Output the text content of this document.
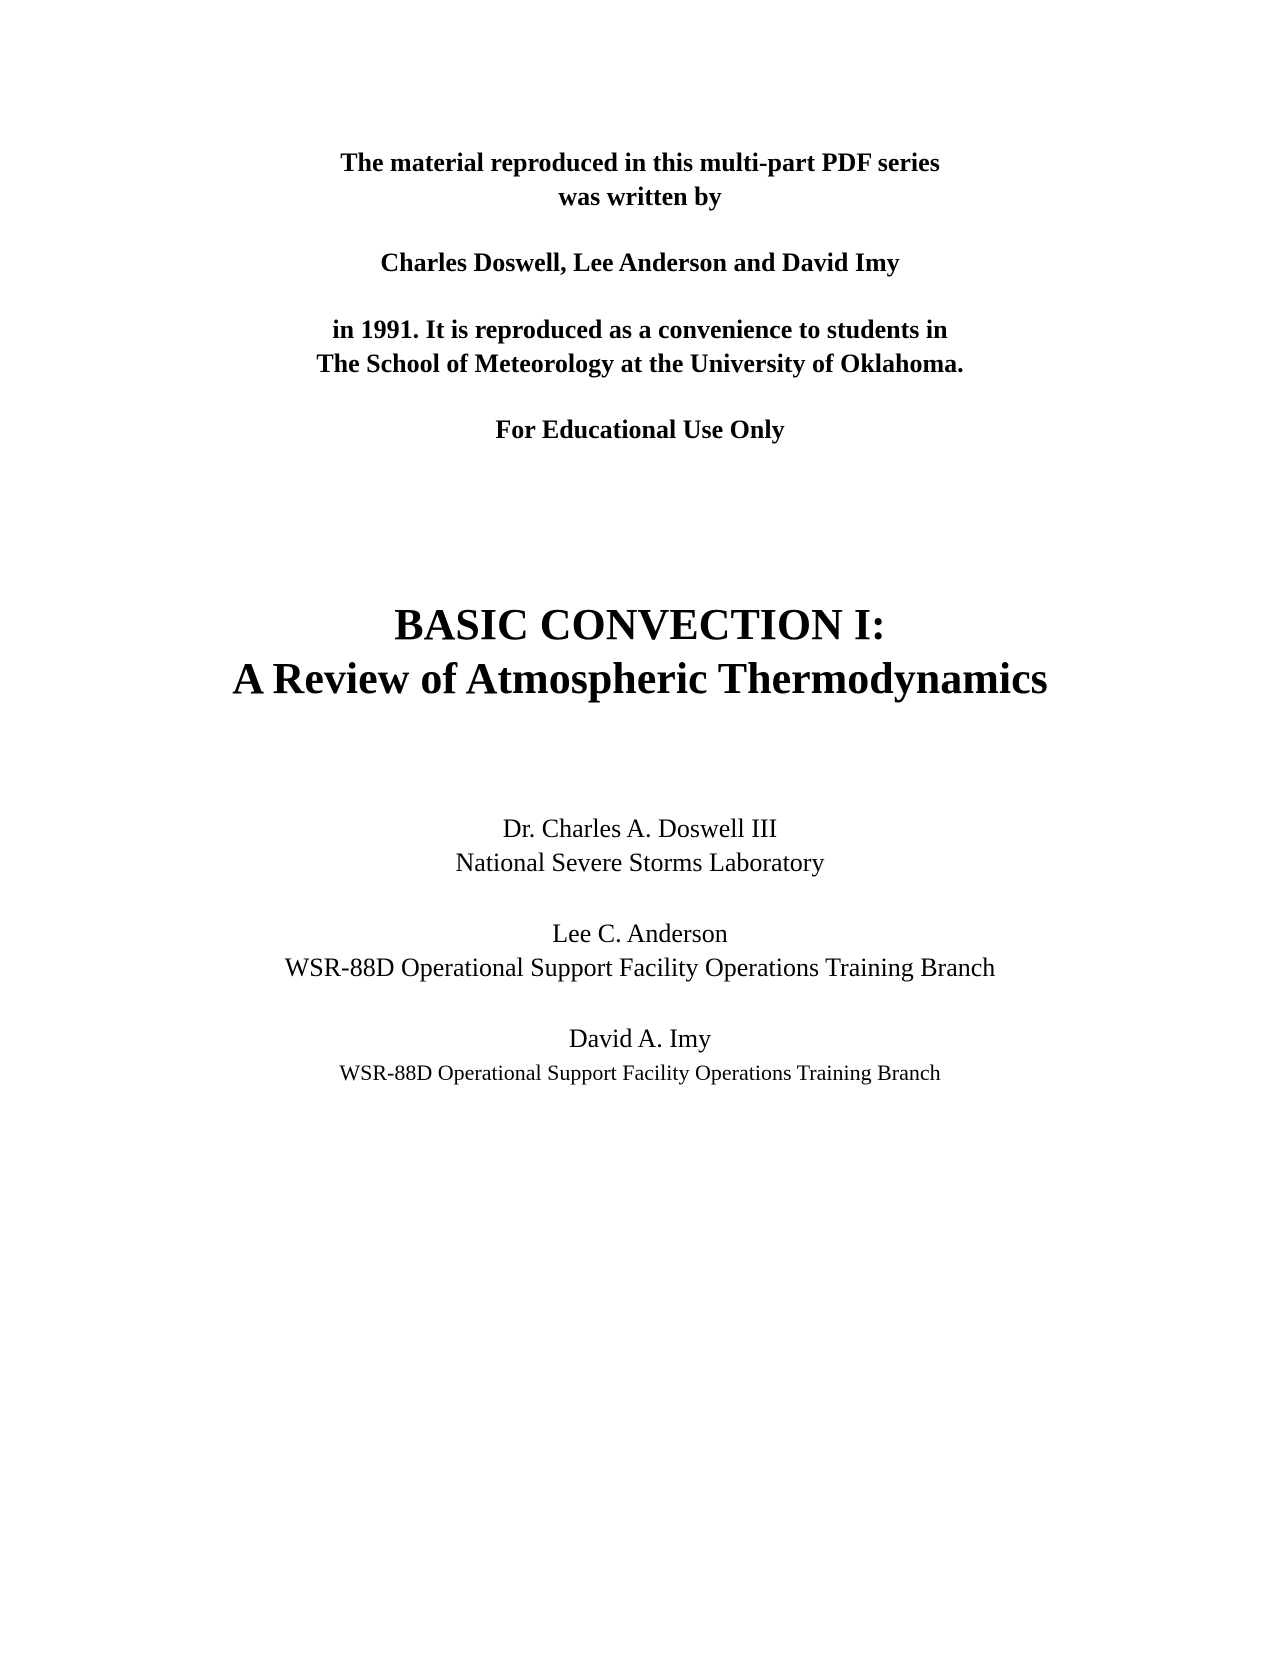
The material reproduced in this multi-part PDF series

was written by

Charles Doswell, Lee Anderson and David Imy

in 1991. It is reproduced as a convenience to students in

The School of Meteorology at the University of Oklahoma.

For Educational Use Only

BASIC CONVECTION I:
A Review of Atmospheric Thermodynamics

Dr. Charles A. Doswell III

National Severe Storms Laboratory

Lee C. Anderson

WSR-88D Operational Support Facility Operations Training Branch

David A. Imy

WSR-88D Operational Support Facility Operations Training Branch
